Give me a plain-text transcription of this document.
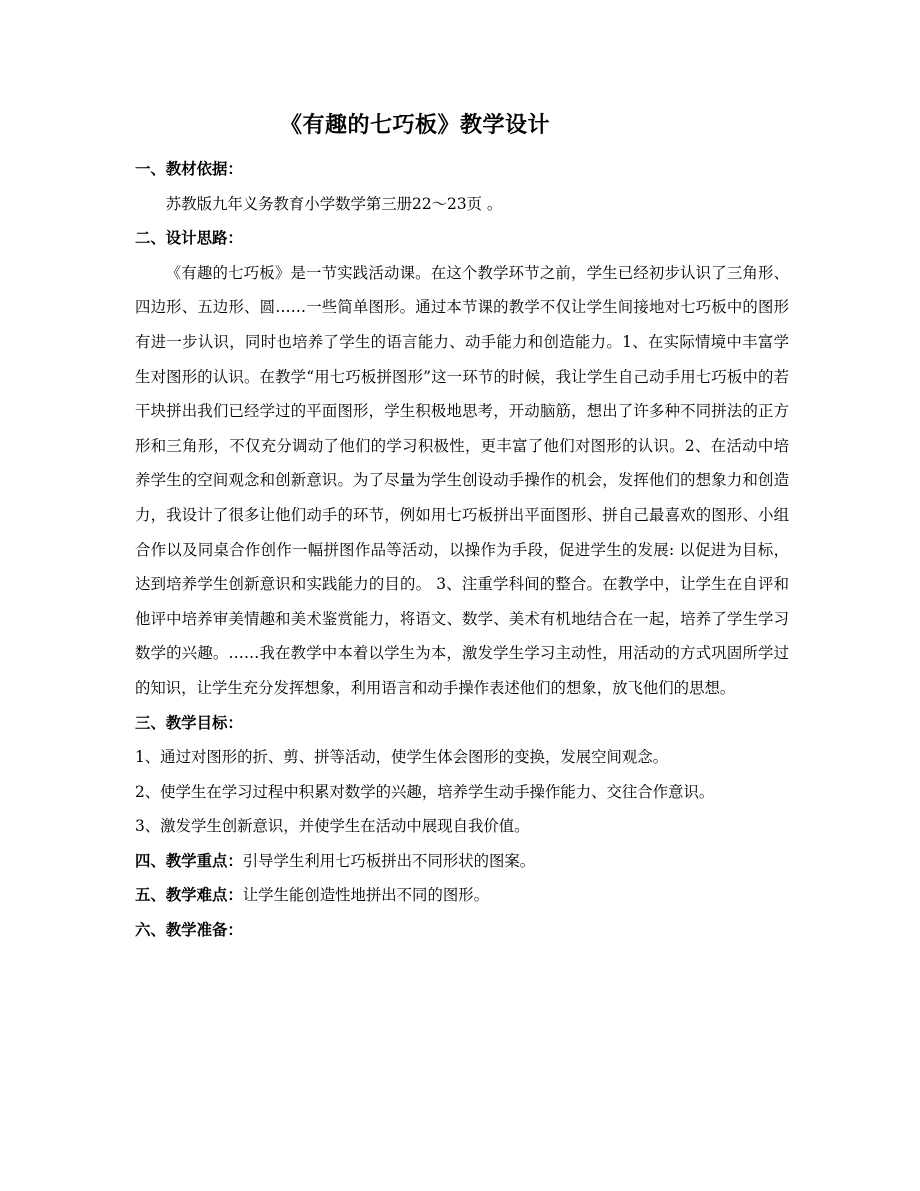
《有趣的七巧板》教学设计

一、教材依据：

苏教版九年义务教育小学数学第三册22～23页 。

二、设计思路：

《有趣的七巧板》是一节实践活动课。在这个教学环节之前，学生已经初步认识了三角形、四边形、五边形、圆……一些简单图形。通过本节课的教学不仅让学生间接地对七巧板中的图形有进一步认识，同时也培养了学生的语言能力、动手能力和创造能力。1、在实际情境中丰富学生对图形的认识。在教学“用七巧板拼图形”这一环节的时候，我让学生自己动手用七巧板中的若干块拼出我们已经学过的平面图形，学生积极地思考，开动脑筋，想出了许多种不同拼法的正方形和三角形，不仅充分调动了他们的学习积极性，更丰富了他们对图形的认识。2、在活动中培养学生的空间观念和创新意识。为了尽量为学生创设动手操作的机会，发挥他们的想象力和创造力，我设计了很多让他们动手的环节，例如用七巧板拼出平面图形、拼自己最喜欢的图形、小组合作以及同桌合作创作一幅拼图作品等活动，以操作为手段，促进学生的发展: 以促进为目标，达到培养学生创新意识和实践能力的目的。 3、注重学科间的整合。在教学中，让学生在自评和他评中培养审美情趣和美术鉴赏能力，将语文、数学、美术有机地结合在一起，培养了学生学习数学的兴趣。……我在教学中本着以学生为本，激发学生学习主动性，用活动的方式巩固所学过的知识，让学生充分发挥想象，利用语言和动手操作表述他们的想象，放飞他们的思想。

三、教学目标：

1、通过对图形的折、剪、拼等活动，使学生体会图形的变换，发展空间观念。

2、使学生在学习过程中积累对数学的兴趣，培养学生动手操作能力、交往合作意识。

3、激发学生创新意识，并使学生在活动中展现自我价值。

四、教学重点：引导学生利用七巧板拼出不同形状的图案。

五、教学难点：让学生能创造性地拼出不同的图形。

六、教学准备：
